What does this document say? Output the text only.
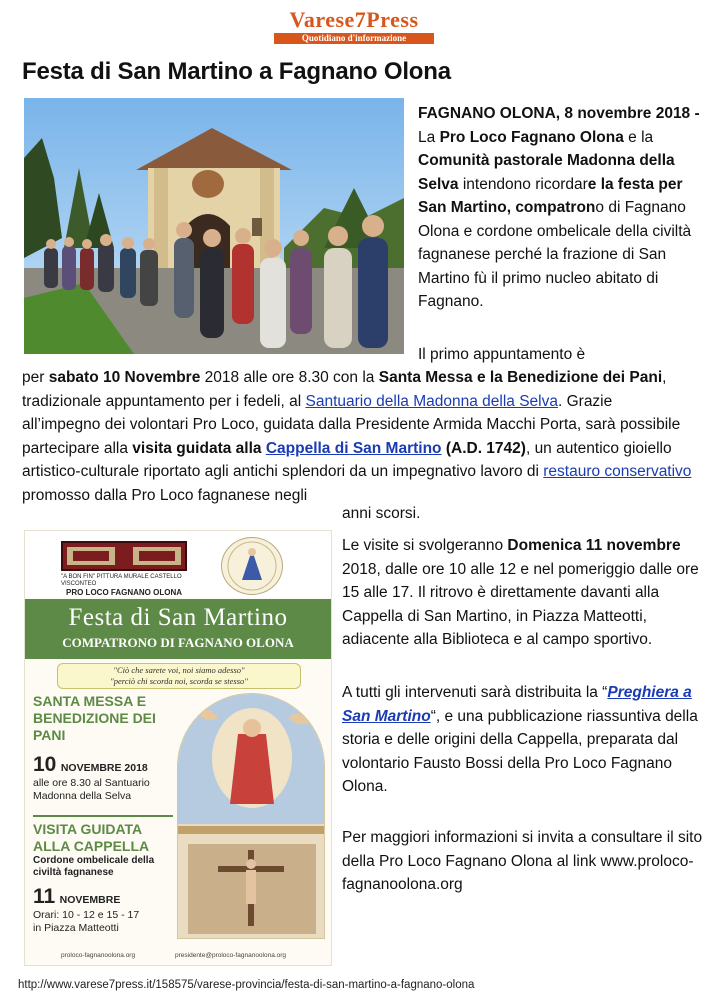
Varese7Press
Quotidiano d'informazione
Festa di San Martino a Fagnano Olona
FAGNANO OLONA, 8 novembre 2018 - La Pro Loco Fagnano Olona e la Comunità pastorale Madonna della Selva intendono ricordare la festa per San Martino, compatrono di Fagnano Olona e cordone ombelicale della civiltà fagnanese perché la frazione di San Martino fù il primo nucleo abitato di Fagnano.
Il primo appuntamento è
per sabato 10 Novembre 2018 alle ore 8.30 con la Santa Messa e la Benedizione dei Pani, tradizionale appuntamento per i fedeli, al Santuario della Madonna della Selva. Grazie all’impegno dei volontari Pro Loco, guidata dalla Presidente Armida Macchi Porta, sarà possibile partecipare alla visita guidata alla Cappella di San Martino (A.D. 1742), un autentico gioiello artistico-culturale riportato agli antichi splendori da un impegnativo lavoro di restauro conservativo promosso dalla Pro Loco fagnanese negli
anni scorsi.
"A BON FIN" PITTURA MURALE CASTELLO VISCONTEO
PRO LOCO FAGNANO OLONA
Festa di San Martino
COMPATRONO DI FAGNANO OLONA
"Ciò che sarete voi, noi siamo adesso"
"perciò chi scorda noi, scorda se stesso"
SANTA MESSA E BENEDIZIONE DEI PANI
10 NOVEMBRE 2018
alle ore 8.30 al Santuario Madonna della Selva
VISITA GUIDATA ALLA CAPPELLA
Cordone ombelicale della civiltà fagnanese
11 NOVEMBRE
Orari: 10 - 12 e 15 - 17
in Piazza Matteotti
proloco-fagnanoolona.org	presidente@proloco-fagnanoolona.org
Le visite si svolgeranno Domenica 11 novembre 2018, dalle ore 10 alle 12 e nel pomeriggio dalle ore 15 alle 17. Il ritrovo è direttamente davanti alla Cappella di San Martino, in Piazza Matteotti, adiacente alla Biblioteca e al campo sportivo.
A tutti gli intervenuti sarà distribuita la “Preghiera a San Martino“, e una pubblicazione riassuntiva della storia e delle origini della Cappella, preparata dal volontario Fausto Bossi della Pro Loco Fagnano Olona.
Per maggiori informazioni si invita a consultare il sito della Pro Loco Fagnano Olona al link www.proloco-fagnanoolona.org
http://www.varese7press.it/158575/varese-provincia/festa-di-san-martino-a-fagnano-olona
